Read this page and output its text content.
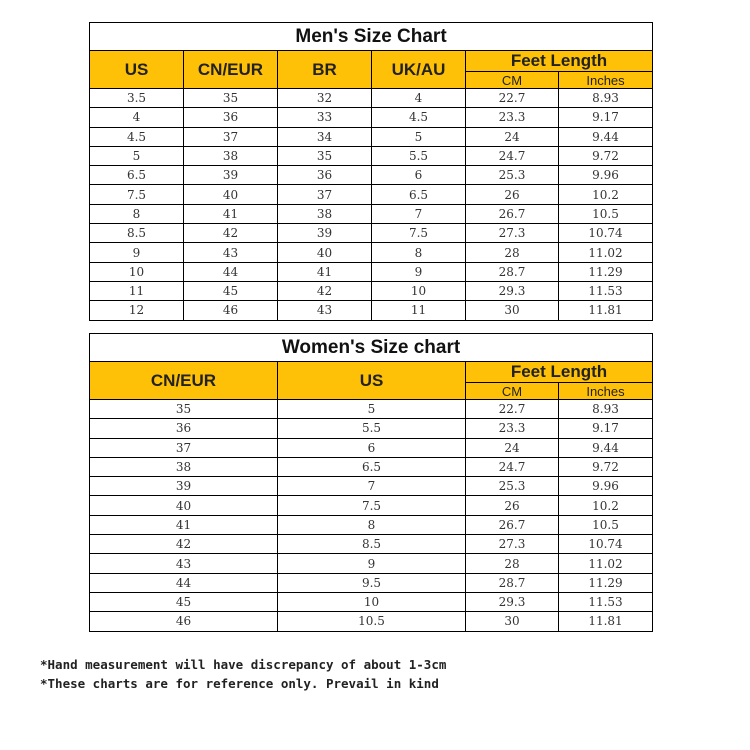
Men's Size Chart					
US	CN/EUR	BR	UK/AU	Feet Length	
				CM	Inches
3.5	35	32	4	22.7	8.93
4	36	33	4.5	23.3	9.17
4.5	37	34	5	24	9.44
5	38	35	5.5	24.7	9.72
6.5	39	36	6	25.3	9.96
7.5	40	37	6.5	26	10.2
8	41	38	7	26.7	10.5
8.5	42	39	7.5	27.3	10.74
9	43	40	8	28	11.02
10	44	41	9	28.7	11.29
11	45	42	10	29.3	11.53
12	46	43	11	30	11.81
Women's Size chart			
CN/EUR	US	Feet Length	
		CM	Inches
35	5	22.7	8.93
36	5.5	23.3	9.17
37	6	24	9.44
38	6.5	24.7	9.72
39	7	25.3	9.96
40	7.5	26	10.2
41	8	26.7	10.5
42	8.5	27.3	10.74
43	9	28	11.02
44	9.5	28.7	11.29
45	10	29.3	11.53
46	10.5	30	11.81
*Hand measurement will have discrepancy of about 1-3cm
*These charts are for reference only. Prevail in kind
